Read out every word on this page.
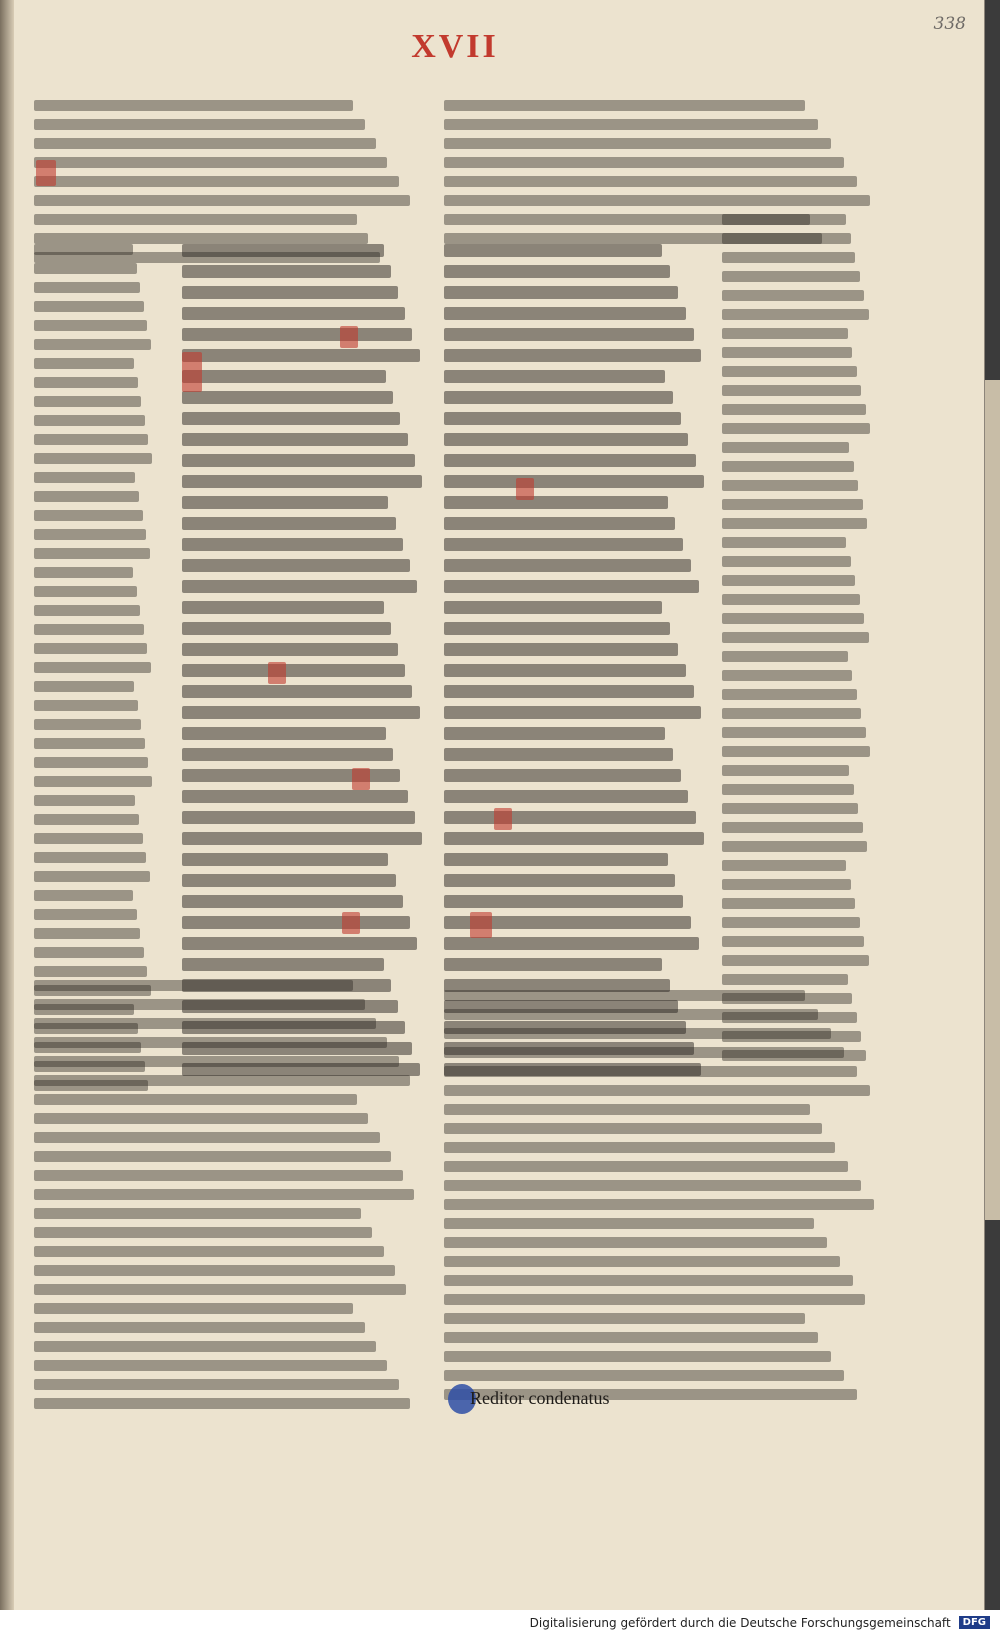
XVII
338
Reditor condenatus
Digitalisierung gefördert durch die Deutsche Forschungsgemeinschaft	DFG
